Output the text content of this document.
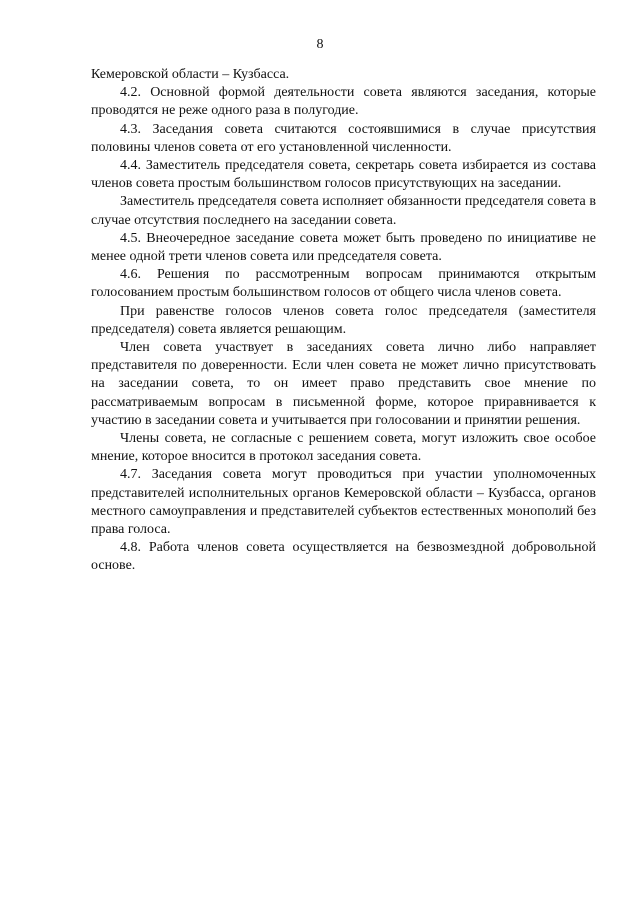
8

Кемеровской области – Кузбасса.

4.2. Основной формой деятельности совета являются заседания, которые проводятся не реже одного раза в полугодие.

4.3. Заседания совета считаются состоявшимися в случае присутствия половины членов совета от его установленной численности.

4.4. Заместитель председателя совета, секретарь совета избирается из состава членов совета простым большинством голосов присутствующих на заседании.

Заместитель председателя совета исполняет обязанности председателя совета в случае отсутствия последнего на заседании совета.

4.5. Внеочередное заседание совета может быть проведено по инициативе не менее одной трети членов совета или председателя совета.

4.6. Решения по рассмотренным вопросам принимаются открытым голосованием простым большинством голосов от общего числа членов совета.

При равенстве голосов членов совета голос председателя (заместителя председателя) совета является решающим.

Член совета участвует в заседаниях совета лично либо направляет представителя по доверенности. Если член совета не может лично присутствовать на заседании совета, то он имеет право представить свое мнение по рассматриваемым вопросам в письменной форме, которое приравнивается к участию в заседании совета и учитывается при голосовании и принятии решения.

Члены совета, не согласные с решением совета, могут изложить свое особое мнение, которое вносится в протокол заседания совета.

4.7. Заседания совета могут проводиться при участии уполномоченных представителей исполнительных органов Кемеровской области – Кузбасса, органов местного самоуправления и представителей субъектов естественных монополий без права голоса.

4.8. Работа членов совета осуществляется на безвозмездной добровольной основе.
